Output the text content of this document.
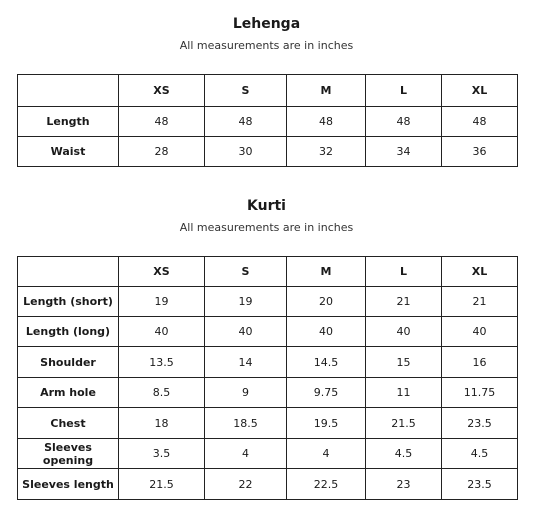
Lehenga
All measurements are in inches
	XS	S	M	L	XL
Length	48	48	48	48	48
Waist	28	30	32	34	36
Kurti
All measurements are in inches
	XS	S	M	L	XL
Length (short)	19	19	20	21	21
Length (long)	40	40	40	40	40
Shoulder	13.5	14	14.5	15	16
Arm hole	8.5	9	9.75	11	11.75
Chest	18	18.5	19.5	21.5	23.5
Sleeves opening	3.5	4	4	4.5	4.5
Sleeves length	21.5	22	22.5	23	23.5
